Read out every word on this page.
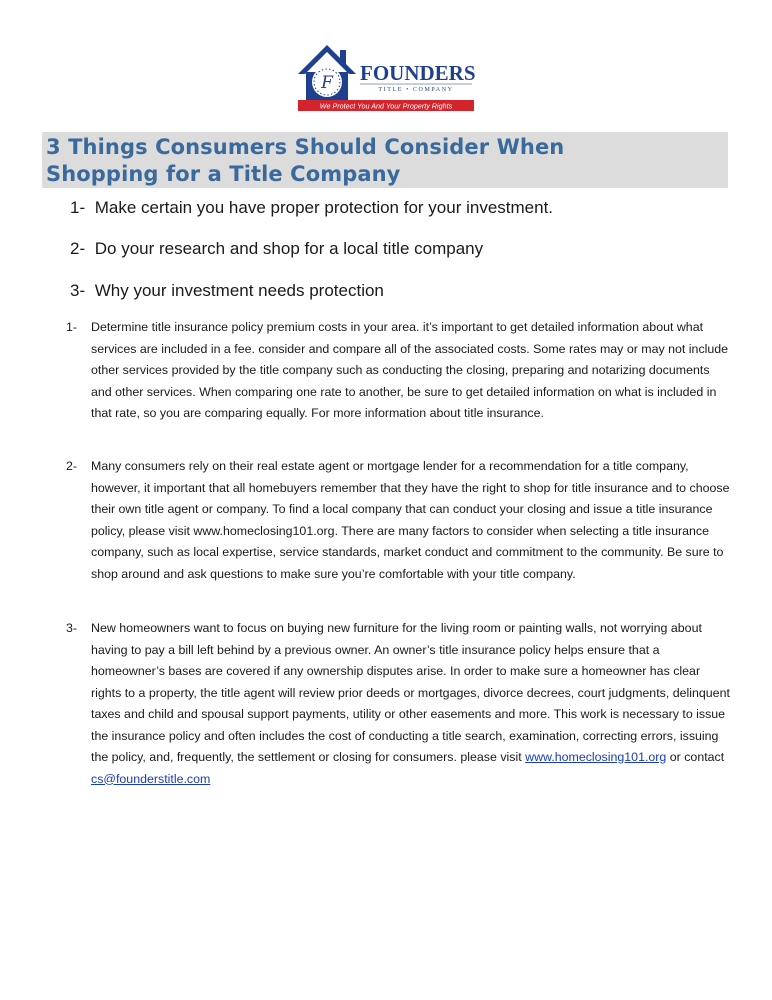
F
We Protect You And Your Property Rights
FOUNDERS
TITLE • COMPANY
3 Things Consumers Should Consider When
Shopping for a Title Company
1- Make certain you have proper protection for your investment.
2- Do your research and shop for a local title company
3- Why your investment needs protection
1- Determine title insurance policy premium costs in your area. it’s important to get detailed information about what services are included in a fee. consider and compare all of the associated costs. Some rates may or may not include other services provided by the title company such as conducting the closing, preparing and notarizing documents and other services. When comparing one rate to another, be sure to get detailed information on what is included in that rate, so you are comparing equally. For more information about title insurance.
2- Many consumers rely on their real estate agent or mortgage lender for a recommendation for a title company, however, it important that all homebuyers remember that they have the right to shop for title insurance and to choose their own title agent or company. To find a local company that can conduct your closing and issue a title insurance policy, please visit www.homeclosing101.org. There are many factors to consider when selecting a title insurance company, such as local expertise, service standards, market conduct and commitment to the community. Be sure to shop around and ask questions to make sure you’re comfortable with your title company.
3- New homeowners want to focus on buying new furniture for the living room or painting walls, not worrying about having to pay a bill left behind by a previous owner. An owner’s title insurance policy helps ensure that a homeowner’s bases are covered if any ownership disputes arise. In order to make sure a homeowner has clear rights to a property, the title agent will review prior deeds or mortgages, divorce decrees, court judgments, delinquent taxes and child and spousal support payments, utility or other easements and more. This work is necessary to issue the insurance policy and often includes the cost of conducting a title search, examination, correcting errors, issuing the policy, and, frequently, the settlement or closing for consumers. please visit www.homeclosing101.org or contact cs@founderstitle.com
